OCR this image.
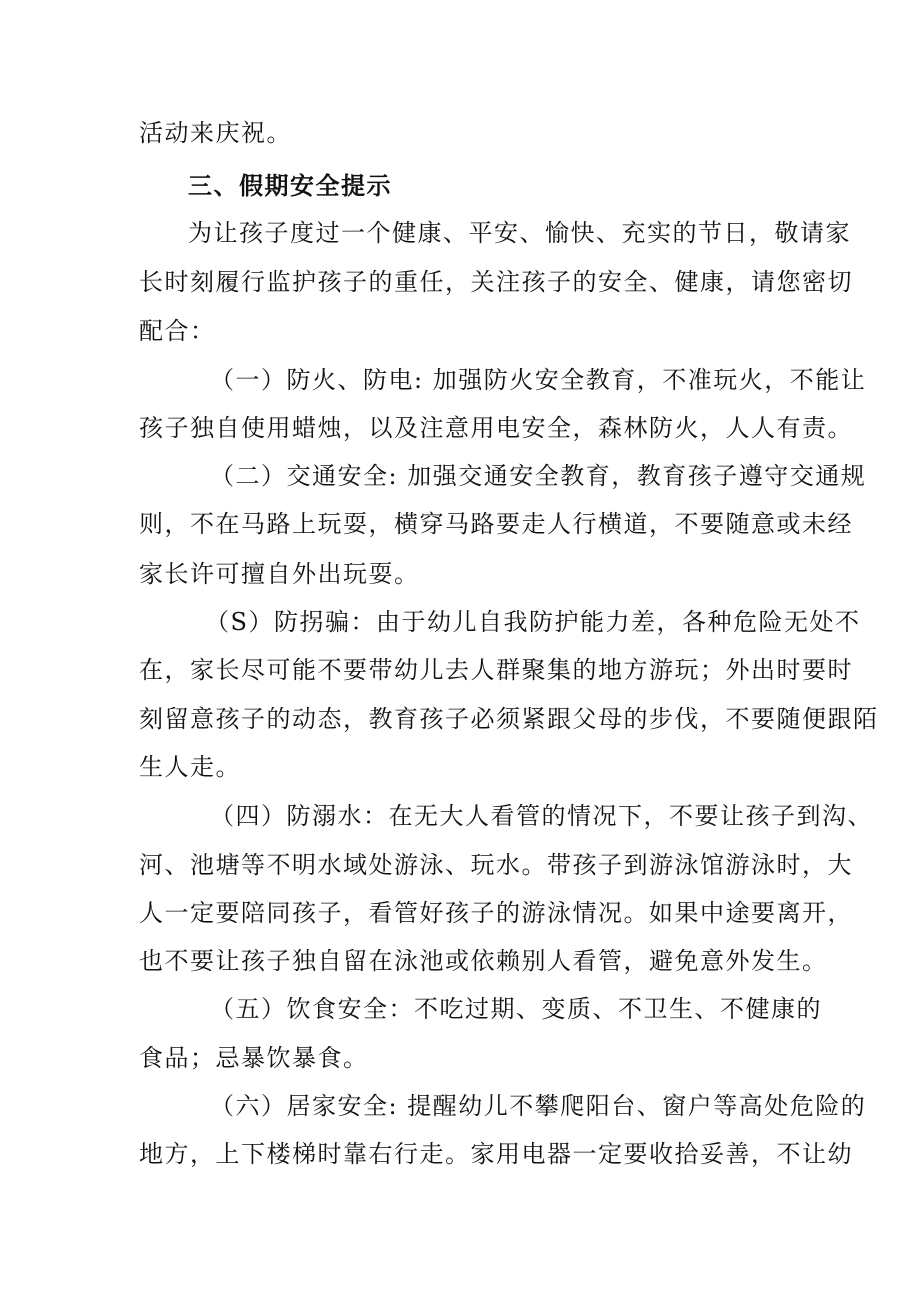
活动来庆祝。
三、假期安全提示
为让孩子度过一个健康、平安、愉快、充实的节日，敬请家
长时刻履行监护孩子的重任，关注孩子的安全、健康，请您密切
配合：
（一）防火、防电: 加强防火安全教育，不准玩火，不能让
孩子独自使用蜡烛，以及注意用电安全，森林防火，人人有责。
（二）交通安全: 加强交通安全教育，教育孩子遵守交通规
则，不在马路上玩耍，横穿马路要走人行横道，不要随意或未经
家长许可擅自外出玩耍。
（S）防拐骗：由于幼儿自我防护能力差，各种危险无处不
在，家长尽可能不要带幼儿去人群聚集的地方游玩；外出时要时
刻留意孩子的动态，教育孩子必须紧跟父母的步伐，不要随便跟陌
生人走。
（四）防溺水：在无大人看管的情况下，不要让孩子到沟、
河、池塘等不明水域处游泳、玩水。带孩子到游泳馆游泳时，大
人一定要陪同孩子，看管好孩子的游泳情况。如果中途要离开，
也不要让孩子独自留在泳池或依赖别人看管，避免意外发生。
（五）饮食安全：不吃过期、变质、不卫生、不健康的
食品；忌暴饮暴食。
（六）居家安全: 提醒幼儿不攀爬阳台、窗户等高处危险的
地方，上下楼梯时靠右行走。家用电器一定要收拾妥善，不让幼
